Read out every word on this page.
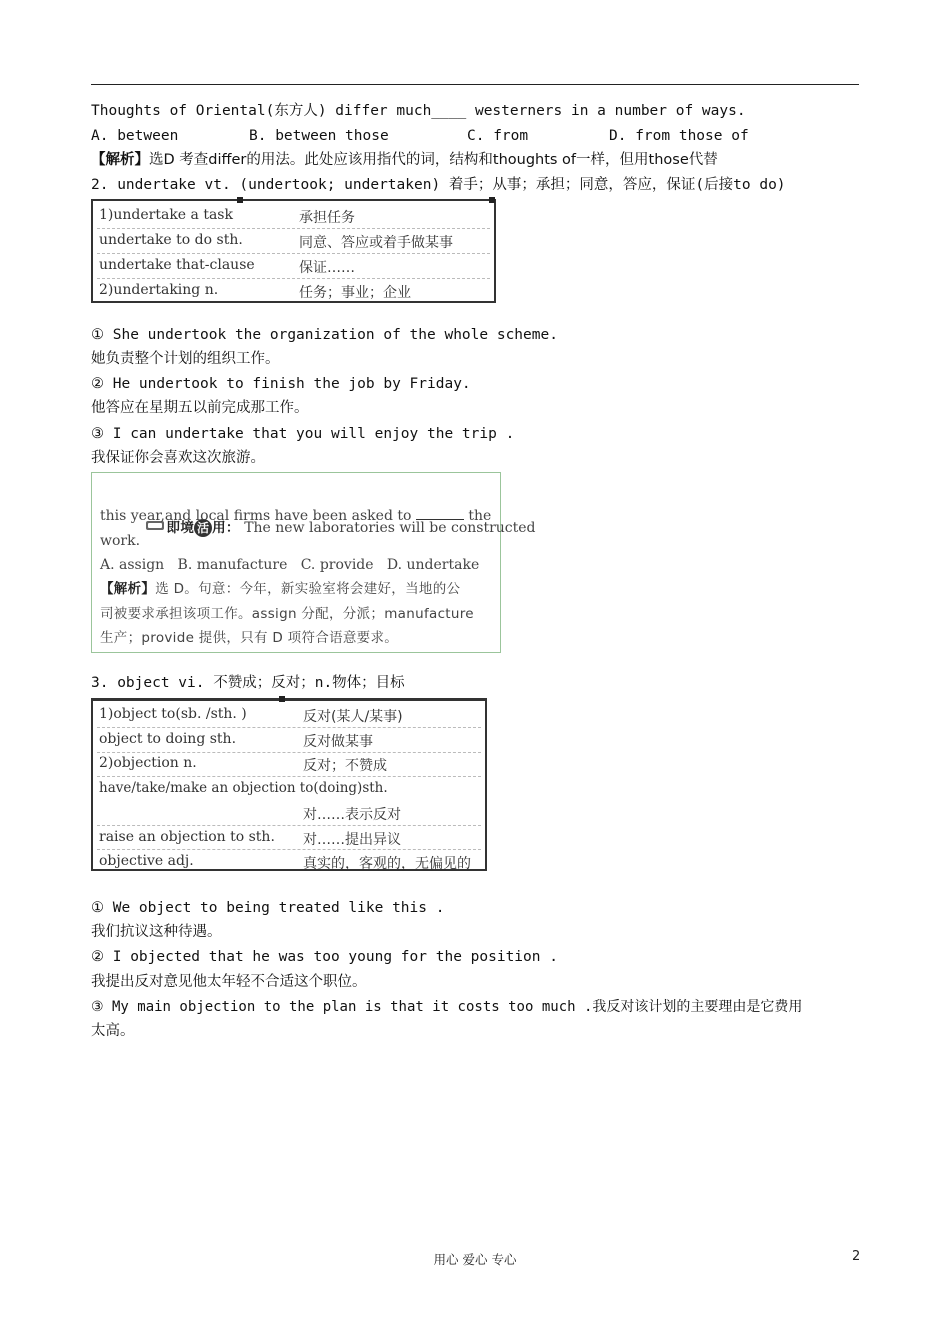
Thoughts of Oriental(东方人) differ much____ westerners in a number of ways.

A. between

	B. between those

	C. from

	D. from those of

【解析】选D 考查differ的用法。此处应该用指代的词，结构和thoughts of一样，但用those代替
2. undertake vt. (undertook; undertaken) 着手；从事；承担；同意，答应，保证(后接to do)
1)undertake a task	承担任务
undertake to do sth.	同意、答应或着手做某事
undertake that-clause	保证……
2)undertaking n.	任务；事业；企业
① She undertook the organization of the whole scheme.
她负责整个计划的组织工作。
② He undertook to finish the job by Friday.
他答应在星期五以前完成那工作。
③ I can undertake that you will enjoy the trip .
我保证你会喜欢这次旅游。

即境 活 用： The new laboratories will be constructed

this year,and local firms have been asked to	the
work.
A. assign   B. manufacture   C. provide   D. undertake
【解析】选 D。句意：今年，新实验室将会建好，当地的公
司被要求承担该项工作。assign 分配，分派；manufacture
生产；provide 提供，只有 D 项符合语意要求。
3. object vi. 不赞成；反对；n.物体；目标
1)object to(sb. /sth. )	反对(某人/某事)
object to doing sth.	反对做某事
2)objection n.	反对；不赞成
have/take/make an objection to(doing)sth.
对……表示反对
raise an objection to sth. 对……提出异议
objective adj.	真实的，客观的，无偏见的
① We object to being treated like this .
我们抗议这种待遇。
② I objected that he was too young for the position .
我提出反对意见他太年轻不合适这个职位。
③ My main objection to the plan is that it costs too much .我反对该计划的主要理由是它费用
太高。
用心 爱心 专心	2
